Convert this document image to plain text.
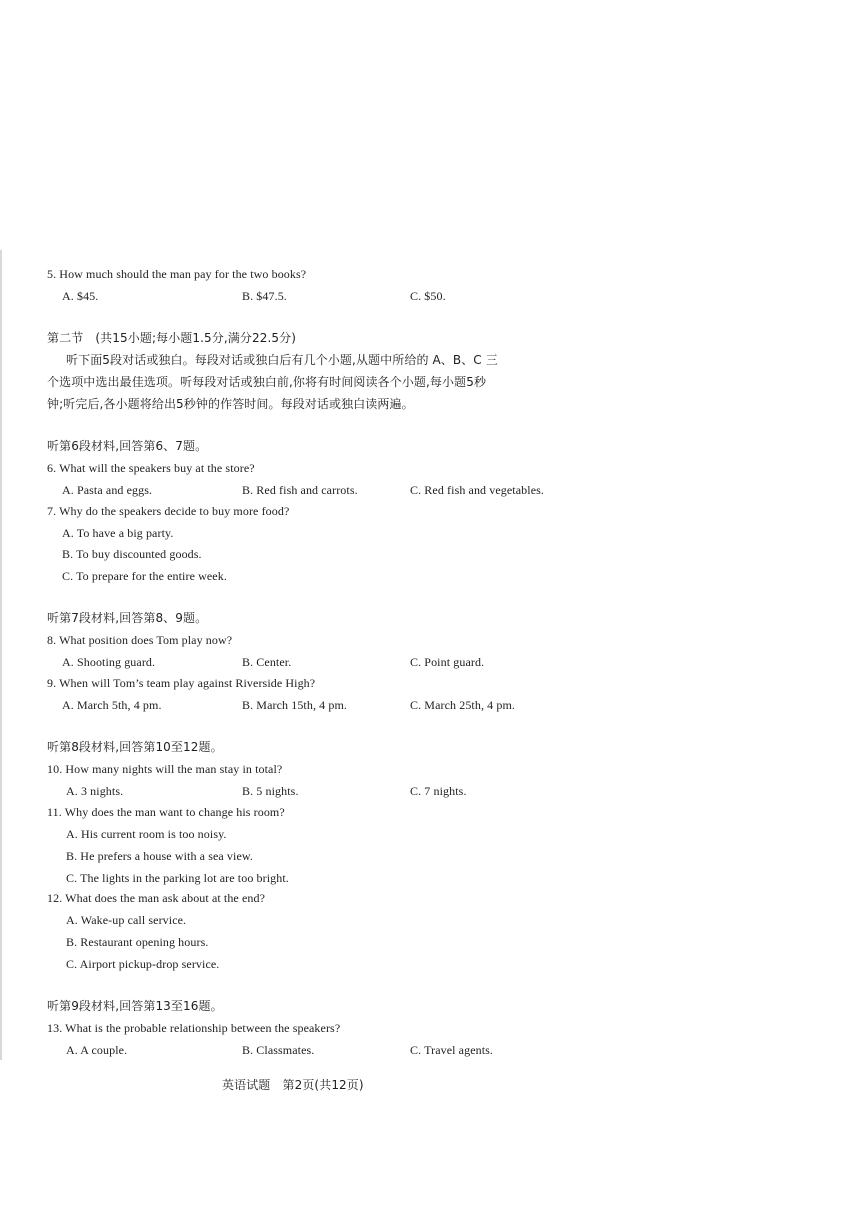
5. How much should the man pay for the two books?
A. $45.	B. $47.5.	C. $50.
第二节　(共15小题;每小题1.5分,满分22.5分)
听下面5段对话或独白。每段对话或独白后有几个小题,从题中所给的 A、B、C 三
个选项中选出最佳选项。听每段对话或独白前,你将有时间阅读各个小题,每小题5秒
钟;听完后,各小题将给出5秒钟的作答时间。每段对话或独白读两遍。
听第6段材料,回答第6、7题。
6. What will the speakers buy at the store?
A. Pasta and eggs.	B. Red fish and carrots.	C. Red fish and vegetables.
7. Why do the speakers decide to buy more food?
A. To have a big party.
B. To buy discounted goods.
C. To prepare for the entire week.
听第7段材料,回答第8、9题。
8. What position does Tom play now?
A. Shooting guard.	B. Center.	C. Point guard.
9. When will Tom’s team play against Riverside High?
A. March 5th, 4 pm.	B. March 15th, 4 pm.	C. March 25th, 4 pm.
听第8段材料,回答第10至12题。
10. How many nights will the man stay in total?
A. 3 nights.	B. 5 nights.	C. 7 nights.
11. Why does the man want to change his room?
A. His current room is too noisy.
B. He prefers a house with a sea view.
C. The lights in the parking lot are too bright.
12. What does the man ask about at the end?
A. Wake-up call service.
B. Restaurant opening hours.
C. Airport pickup-drop service.
听第9段材料,回答第13至16题。
13. What is the probable relationship between the speakers?
A. A couple.	B. Classmates.	C. Travel agents.
英语试题　第2页(共12页)
